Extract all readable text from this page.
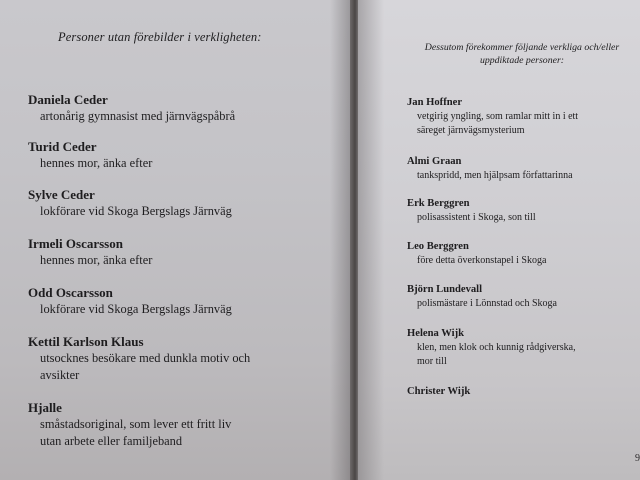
Personer utan förebilder i verkligheten:

Daniela Ceder
artonårig gymnasist med järnvägspåbrå
Turid Ceder
hennes mor, änka efter
Sylve Ceder
lokförare vid Skoga Bergslags Järnväg
Irmeli Oscarsson
hennes mor, änka efter
Odd Oscarsson
lokförare vid Skoga Bergslags Järnväg
Kettil Karlson Klaus
utsocknes besökare med dunkla motiv och
avsikter
Hjalle
småstadsoriginal, som lever ett fritt liv
utan arbete eller familjeband
Dessutom förekommer följande verkliga och/eller
uppdiktade personer:
Jan Hoffner
vetgirig yngling, som ramlar mitt in i ett
säreget järnvägsmysterium
Almi Graan
tankspridd, men hjälpsam författarinna
Erk Berggren
polisassistent i Skoga, son till
Leo Berggren
före detta överkonstapel i Skoga
Björn Lundevall
polismästare i Lönnstad och Skoga
Helena Wijk
klen, men klok och kunnig rådgiverska,
mor till
Christer Wijk
9
